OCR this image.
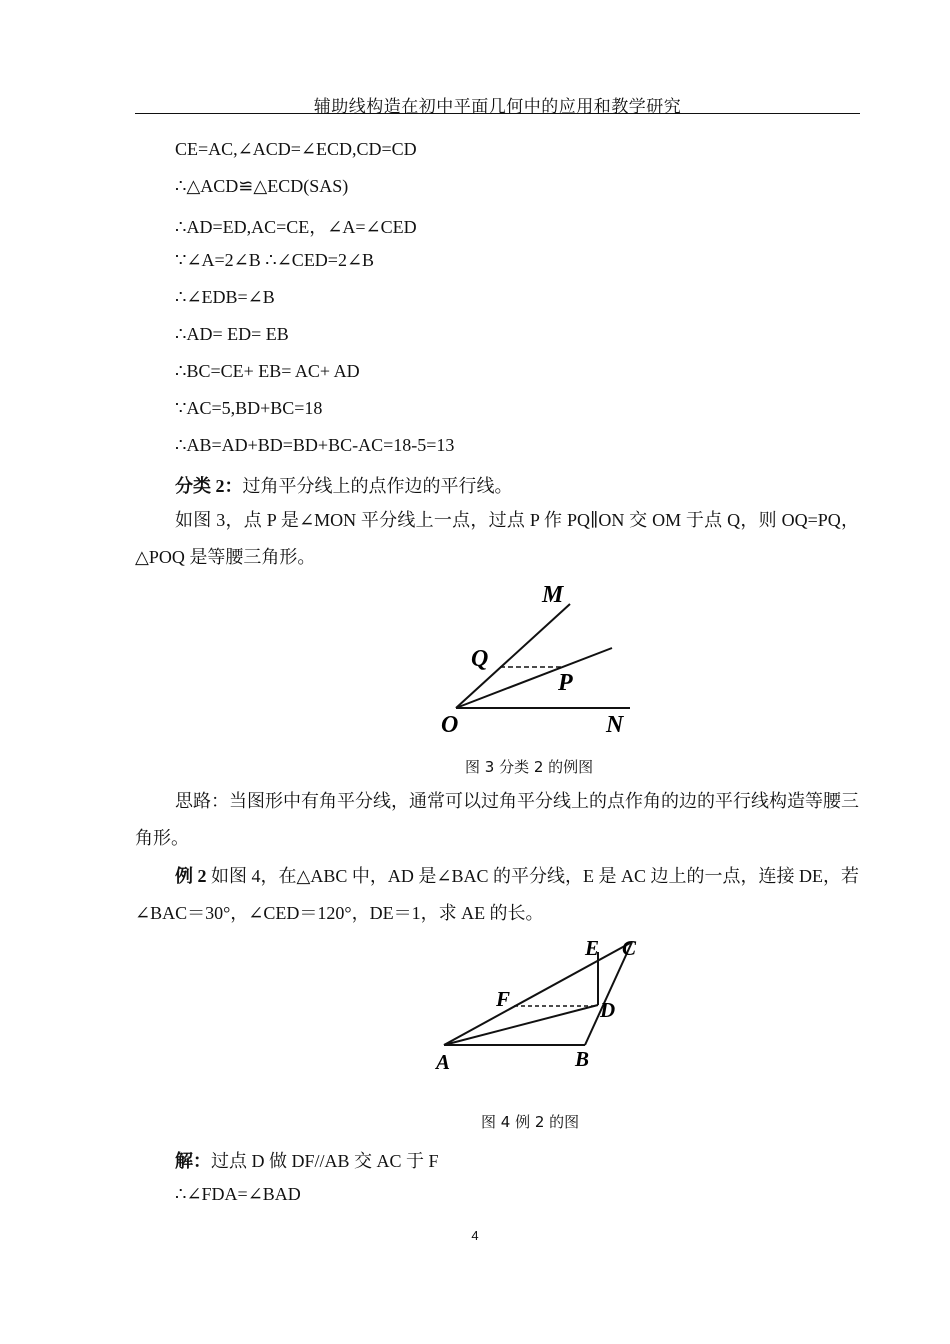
辅助线构造在初中平面几何中的应用和教学研究
CE=AC,∠ACD=∠ECD,CD=CD
∴△ACD≌△ECD(SAS)
∴AD=ED,AC=CE，∠A=∠CED
∵∠A=2∠B ∴∠CED=2∠B
∴∠EDB=∠B
∴AD= ED= EB
∴BC=CE+ EB= AC+ AD
∵AC=5,BD+BC=18
∴AB=AD+BD=BD+BC-AC=18-5=13
分类 2：过角平分线上的点作边的平行线。
如图 3，点 P 是∠MON 平分线上一点，过点 P 作 PQ∥ON 交 OM 于点 Q，则 OQ=PQ，△POQ 是等腰三角形。
M
Q
P
O	N
图 3 分类 2 的例图
思路：当图形中有角平分线，通常可以过角平分线上的点作角的边的平行线构造等腰三角形。
例 2 如图 4，在△ABC 中，AD 是∠BAC 的平分线，E 是 AC 边上的一点，连接 DE，若∠BAC＝30°，∠CED＝120°，DE＝1，求 AE 的长。
E C
F	D
A	B
图 4 例 2 的图
解：过点 D 做 DF//AB 交 AC 于 F
∴∠FDA=∠BAD
4
